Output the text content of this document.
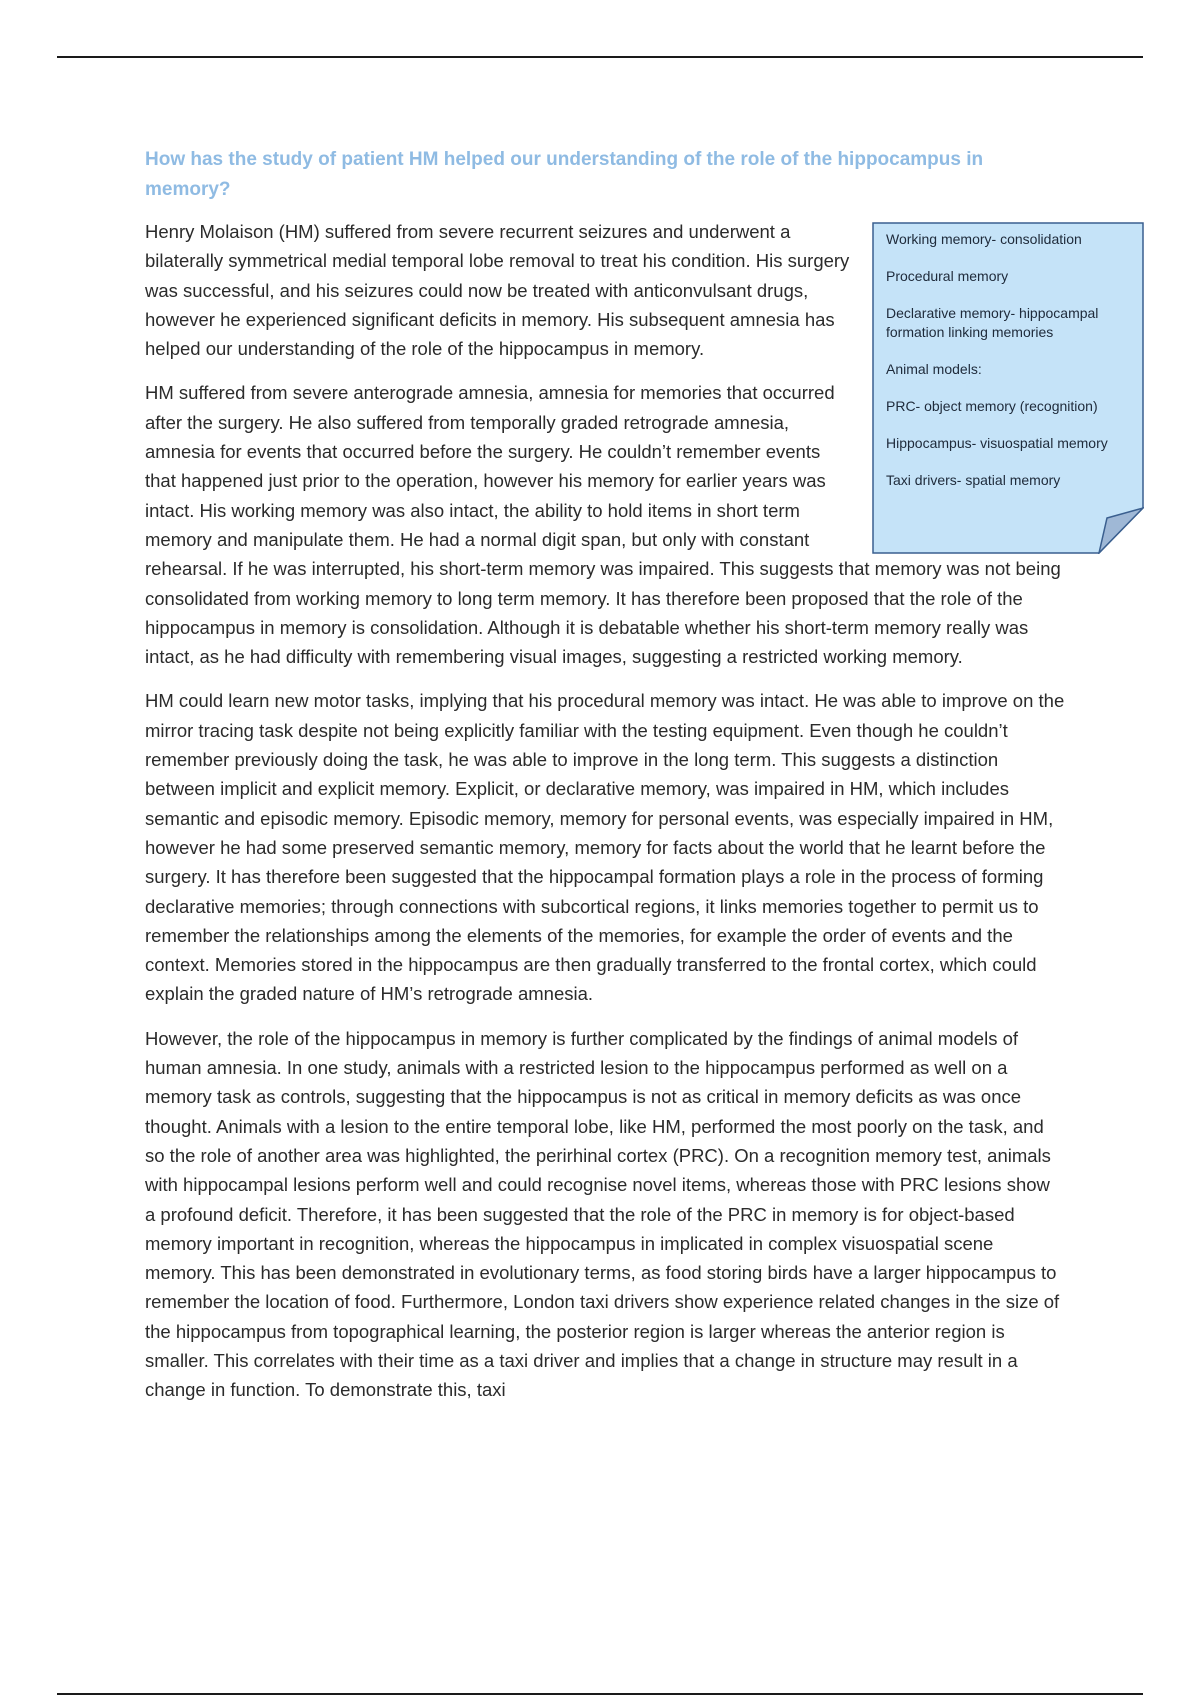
How has the study of patient HM helped our understanding of the role of the hippocampus in memory?

Henry Molaison (HM) suffered from severe recurrent seizures and underwent a bilaterally symmetrical medial temporal lobe removal to treat his condition. His surgery was successful, and his seizures could now be treated with anticonvulsant drugs, however he experienced significant deficits in memory. His subsequent amnesia has helped our understanding of the role of the hippocampus in memory.

HM suffered from severe anterograde amnesia, amnesia for memories that occurred after the surgery. He also suffered from temporally graded retrograde amnesia, amnesia for events that occurred before the surgery. He couldn’t remember events that happened just prior to the operation, however his memory for earlier years was intact. His working memory was also intact, the ability to hold items in short term memory and manipulate them. He had a normal digit span, but only with constant rehearsal. If he was interrupted, his short-term memory was impaired. This suggests that memory was not being consolidated from working memory to long term memory. It has therefore been proposed that the role of the hippocampus in memory is consolidation. Although it is debatable whether his short-term memory really was intact, as he had difficulty with remembering visual images, suggesting a restricted working memory.

HM could learn new motor tasks, implying that his procedural memory was intact. He was able to improve on the mirror tracing task despite not being explicitly familiar with the testing equipment. Even though he couldn’t remember previously doing the task, he was able to improve in the long term. This suggests a distinction between implicit and explicit memory. Explicit, or declarative memory, was impaired in HM, which includes semantic and episodic memory. Episodic memory, memory for personal events, was especially impaired in HM, however he had some preserved semantic memory, memory for facts about the world that he learnt before the surgery. It has therefore been suggested that the hippocampal formation plays a role in the process of forming declarative memories; through connections with subcortical regions, it links memories together to permit us to remember the relationships among the elements of the memories, for example the order of events and the context. Memories stored in the hippocampus are then gradually transferred to the frontal cortex, which could explain the graded nature of HM’s retrograde amnesia.

However, the role of the hippocampus in memory is further complicated by the findings of animal models of human amnesia. In one study, animals with a restricted lesion to the hippocampus performed as well on a memory task as controls, suggesting that the hippocampus is not as critical in memory deficits as was once thought. Animals with a lesion to the entire temporal lobe, like HM, performed the most poorly on the task, and so the role of another area was highlighted, the perirhinal cortex (PRC). On a recognition memory test, animals with hippocampal lesions perform well and could recognise novel items, whereas those with PRC lesions show a profound deficit. Therefore, it has been suggested that the role of the PRC in memory is for object-based memory important in recognition, whereas the hippocampus in implicated in complex visuospatial scene memory. This has been demonstrated in evolutionary terms, as food storing birds have a larger hippocampus to remember the location of food. Furthermore, London taxi drivers show experience related changes in the size of the hippocampus from topographical learning, the posterior region is larger whereas the anterior region is smaller. This correlates with their time as a taxi driver and implies that a change in structure may result in a change in function. To demonstrate this, taxi

Working memory- consolidation
Procedural memory
Declarative memory- hippocampal formation linking memories
Animal models:
PRC- object memory (recognition)
Hippocampus- visuospatial memory
Taxi drivers- spatial memory
